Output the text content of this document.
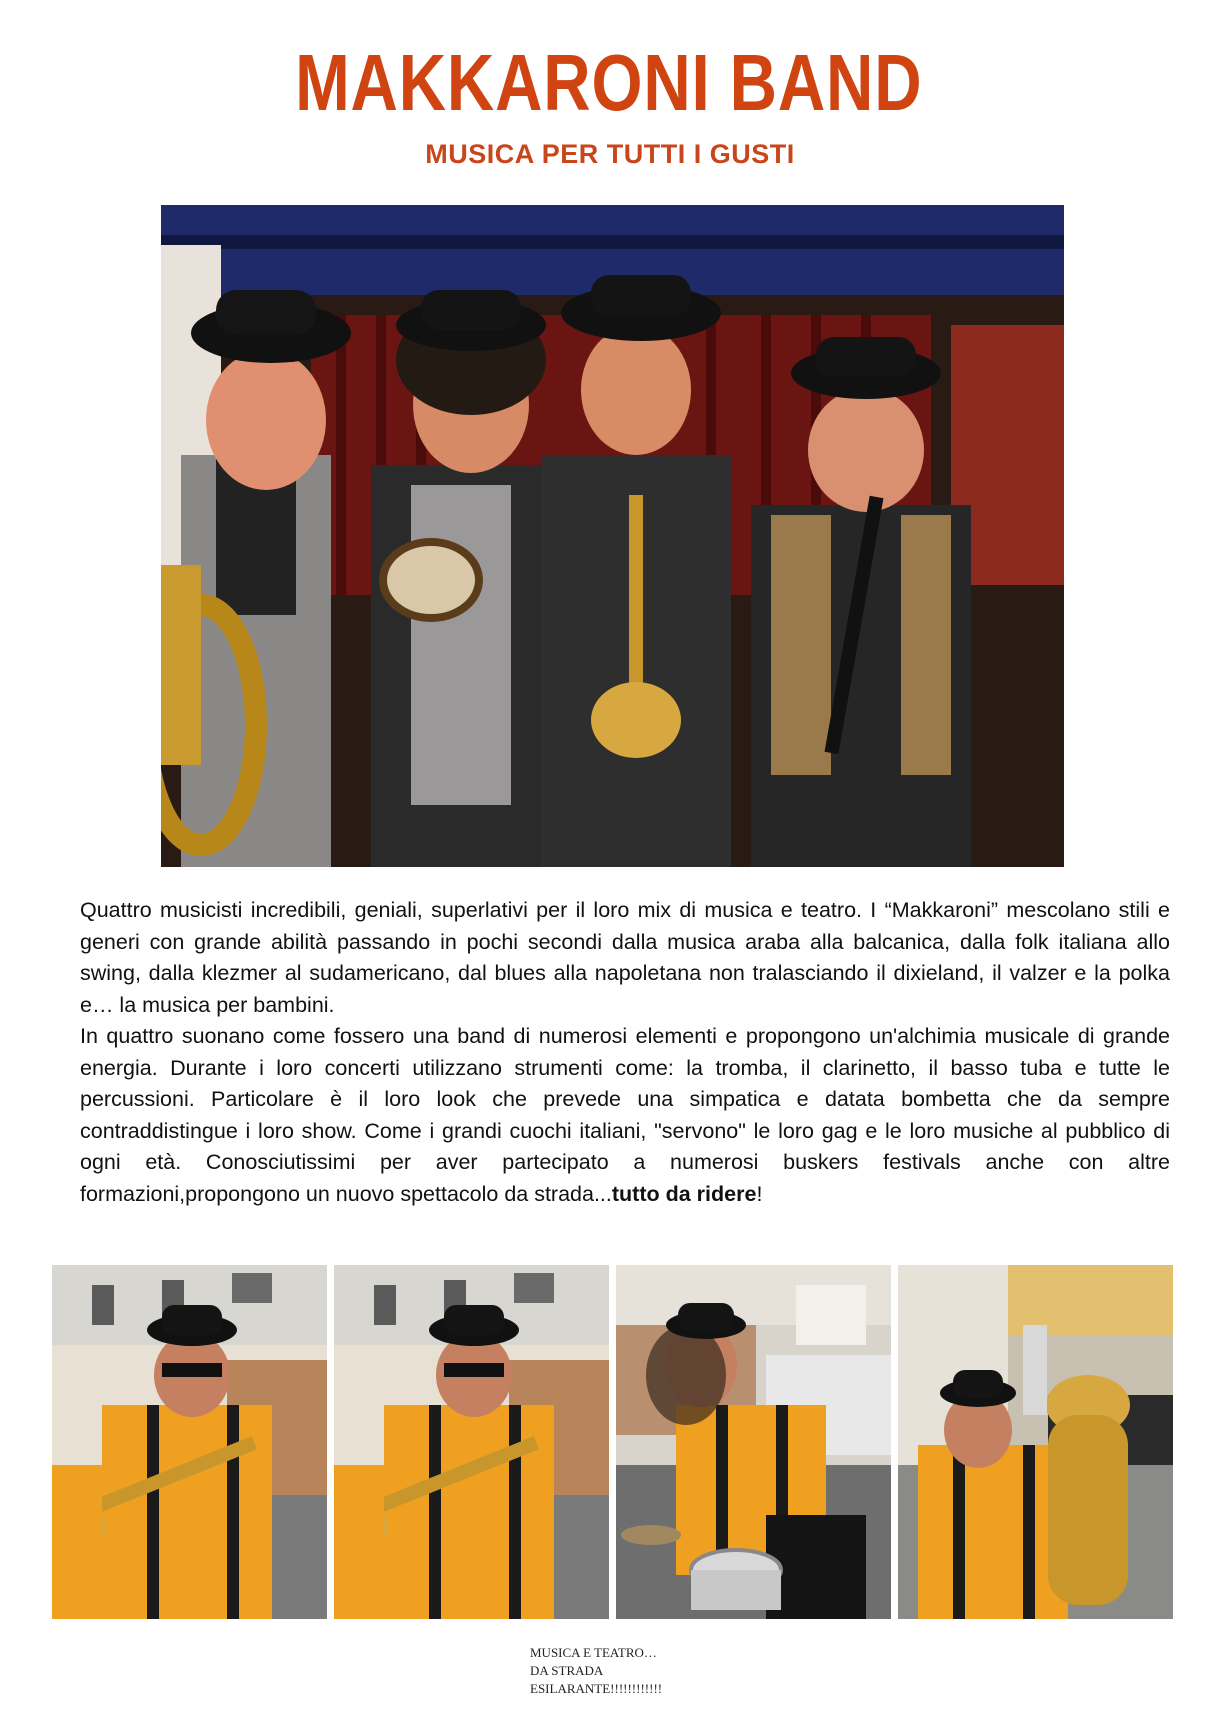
MAKKARONI BAND
MUSICA PER TUTTI I GUSTI

Quattro musicisti incredibili, geniali, superlativi per il loro mix di musica e teatro. I “Makkaroni” mescolano stili e generi con grande abilità passando in pochi secondi dalla musica araba alla balcanica, dalla folk italiana allo swing, dalla klezmer al sudamericano, dal blues alla napoletana non tralasciando il dixieland, il valzer e la polka e… la musica per bambini.

In quattro suonano come fossero una band di numerosi elementi e propongono un'alchimia musicale di grande energia. Durante i loro concerti utilizzano strumenti come: la tromba, il clarinetto, il basso tuba e tutte le percussioni. Particolare è il loro look che prevede una simpatica e datata bombetta che da sempre contraddistingue i loro show. Come i grandi cuochi italiani, "servono" le loro gag e le loro musiche al pubblico di ogni età. Conosciutissimi per aver partecipato a numerosi buskers festivals anche con altre formazioni,propongono un nuovo spettacolo da strada...tutto da ridere!

MUSICA E TEATRO…
DA STRADA
ESILARANTE!!!!!!!!!!!!
